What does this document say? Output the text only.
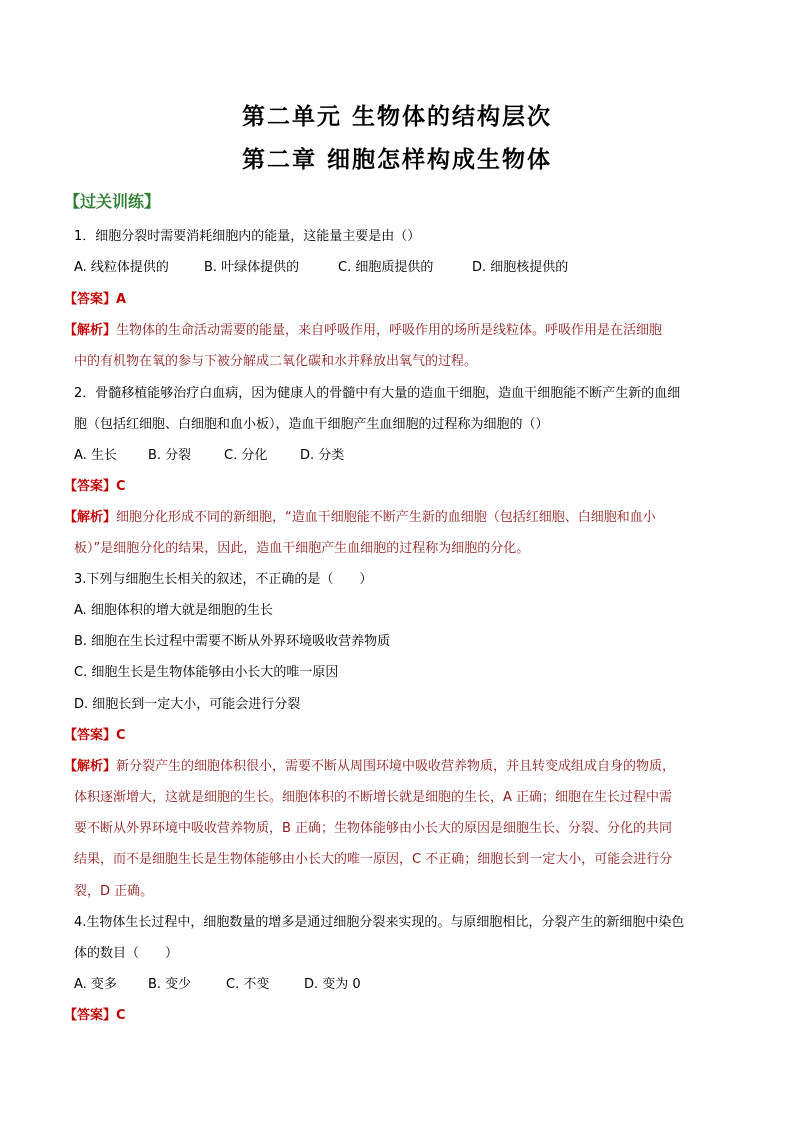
第二单元 生物体的结构层次
第二章 细胞怎样构成生物体
【过关训练】
1．细胞分裂时需要消耗细胞内的能量，这能量主要是由（）
A. 线粒体提供的	B. 叶绿体提供的	C. 细胞质提供的	D. 细胞核提供的
【答案】A
【解析】生物体的生命活动需要的能量，来自呼吸作用，呼吸作用的场所是线粒体。呼吸作用是在活细胞
中的有机物在氧的参与下被分解成二氧化碳和水并释放出氧气的过程。
2．骨髓移植能够治疗白血病，因为健康人的骨髓中有大量的造血干细胞，造血干细胞能不断产生新的血细
胞（包括红细胞、白细胞和血小板），造血干细胞产生血细胞的过程称为细胞的（）
A. 生长 B. 分裂	C. 分化	D. 分类
【答案】C
【解析】细胞分化形成不同的新细胞，“造血干细胞能不断产生新的血细胞（包括红细胞、白细胞和血小
板）”是细胞分化的结果，因此，造血干细胞产生血细胞的过程称为细胞的分化。
3.下列与细胞生长相关的叙述，不正确的是（　　）
A. 细胞体积的增大就是细胞的生长
B. 细胞在生长过程中需要不断从外界环境吸收营养物质
C. 细胞生长是生物体能够由小长大的唯一原因
D. 细胞长到一定大小，可能会进行分裂
【答案】C
【解析】新分裂产生的细胞体积很小，需要不断从周围环境中吸收营养物质，并且转变成组成自身的物质，
体积逐渐增大，这就是细胞的生长。细胞体积的不断增长就是细胞的生长，A 正确；细胞在生长过程中需
要不断从外界环境中吸收营养物质，B 正确；生物体能够由小长大的原因是细胞生长、分裂、分化的共同
结果，而不是细胞生长是生物体能够由小长大的唯一原因，C 不正确；细胞长到一定大小，可能会进行分
裂，D 正确。
4.生物体生长过程中，细胞数量的增多是通过细胞分裂来实现的。与原细胞相比，分裂产生的新细胞中染色
体的数目（　　）
A. 变多 B. 变少	C. 不变	D. 变为 0
【答案】C
